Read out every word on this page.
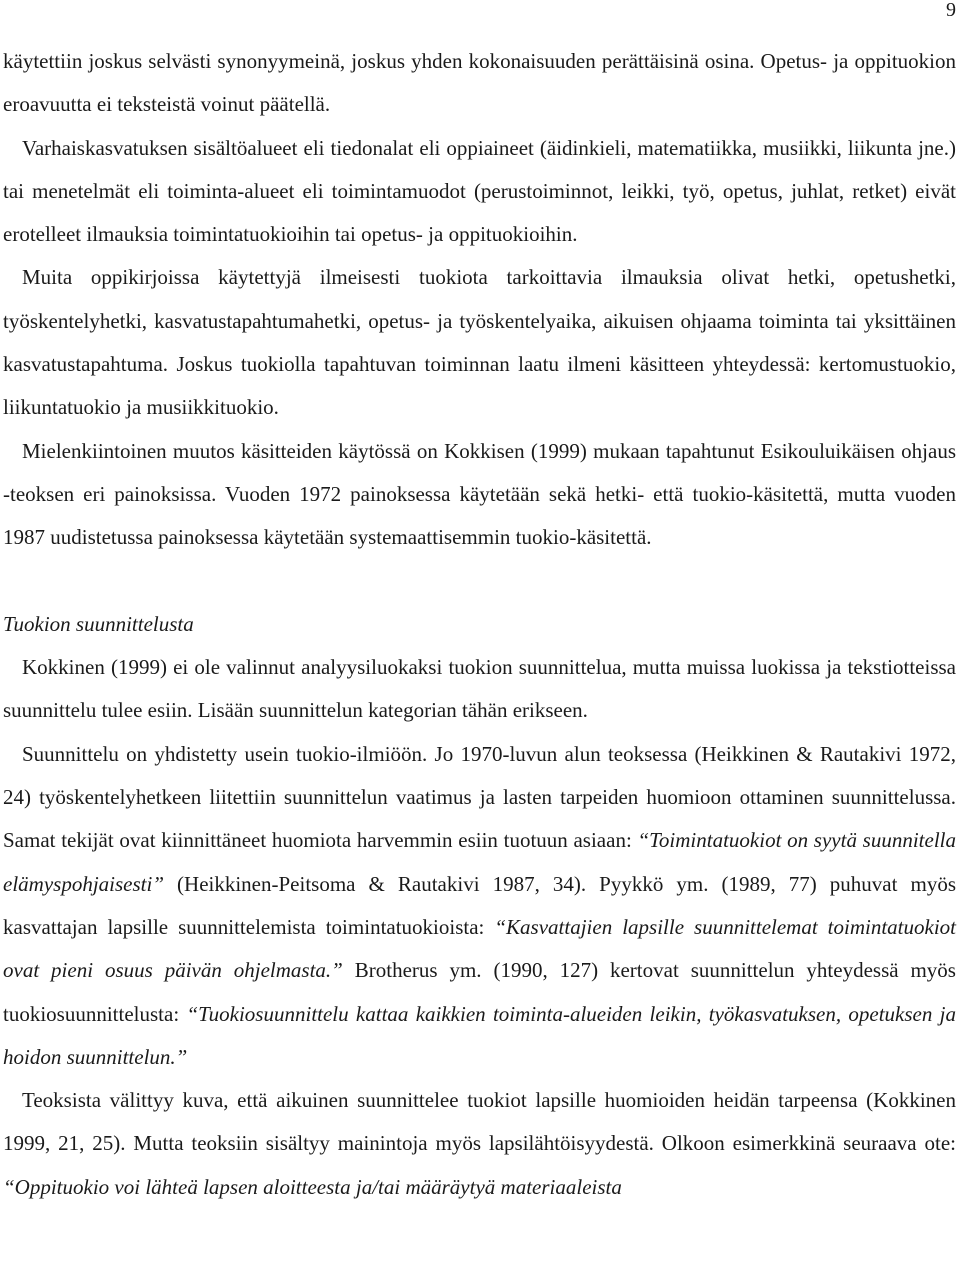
9

käytettiin joskus selvästi synonyymeinä, joskus yhden kokonaisuuden perättäisinä osina. Opetus- ja oppituokion eroavuutta ei teksteistä voinut päätellä.

Varhaiskasvatuksen sisältöalueet eli tiedonalat eli oppiaineet (äidinkieli, matematiikka, musiikki, liikunta jne.) tai menetelmät eli toiminta-alueet eli toimintamuodot (perustoiminnot, leikki, työ, opetus, juhlat, retket) eivät erotelleet ilmauksia toimintatuokioihin tai opetus- ja oppituokioihin.

Muita oppikirjoissa käytettyjä ilmeisesti tuokiota tarkoittavia ilmauksia olivat hetki, opetushetki, työskentelyhetki, kasvatustapahtumahetki, opetus- ja työskentelyaika, aikuisen ohjaama toiminta tai yksittäinen kasvatustapahtuma. Joskus tuokiolla tapahtuvan toiminnan laatu ilmeni käsitteen yhteydessä: kertomustuokio, liikuntatuokio ja musiikkituokio.

Mielenkiintoinen muutos käsitteiden käytössä on Kokkisen (1999) mukaan tapahtunut Esikouluikäisen ohjaus -teoksen eri painoksissa. Vuoden 1972 painoksessa käytetään sekä hetki- että tuokio-käsitettä, mutta vuoden 1987 uudistetussa painoksessa käytetään systemaattisemmin tuokio-käsitettä.

Tuokion suunnittelusta

Kokkinen (1999) ei ole valinnut analyysiluokaksi tuokion suunnittelua, mutta muissa luokissa ja tekstiotteissa suunnittelu tulee esiin. Lisään suunnittelun kategorian tähän erikseen.

Suunnittelu on yhdistetty usein tuokio-ilmiöön. Jo 1970-luvun alun teoksessa (Heikkinen & Rautakivi 1972, 24) työskentelyhetkeen liitettiin suunnittelun vaatimus ja lasten tarpeiden huomioon ottaminen suunnittelussa. Samat tekijät ovat kiinnittäneet huomiota harvemmin esiin tuotuun asiaan: “Toimintatuokiot on syytä suunnitella elämyspohjaisesti” (Heikkinen-Peitsoma & Rautakivi 1987, 34). Pyykkö ym. (1989, 77) puhuvat myös kasvattajan lapsille suunnittelemista toimintatuokioista: “Kasvattajien lapsille suunnittelemat toimintatuokiot ovat pieni osuus päivän ohjelmasta.” Brotherus ym. (1990, 127) kertovat suunnittelun yhteydessä myös tuokiosuunnittelusta: “Tuokiosuunnittelu kattaa kaikkien toiminta-alueiden leikin, työkasvatuksen, opetuksen ja hoidon suunnittelun.”

Teoksista välittyy kuva, että aikuinen suunnittelee tuokiot lapsille huomioiden heidän tarpeensa (Kokkinen 1999, 21, 25). Mutta teoksiin sisältyy mainintoja myös lapsilähtöisyydestä. Olkoon esimerkkinä seuraava ote: “Oppituokio voi lähteä lapsen aloitteesta ja/tai määräytyä materiaaleista
